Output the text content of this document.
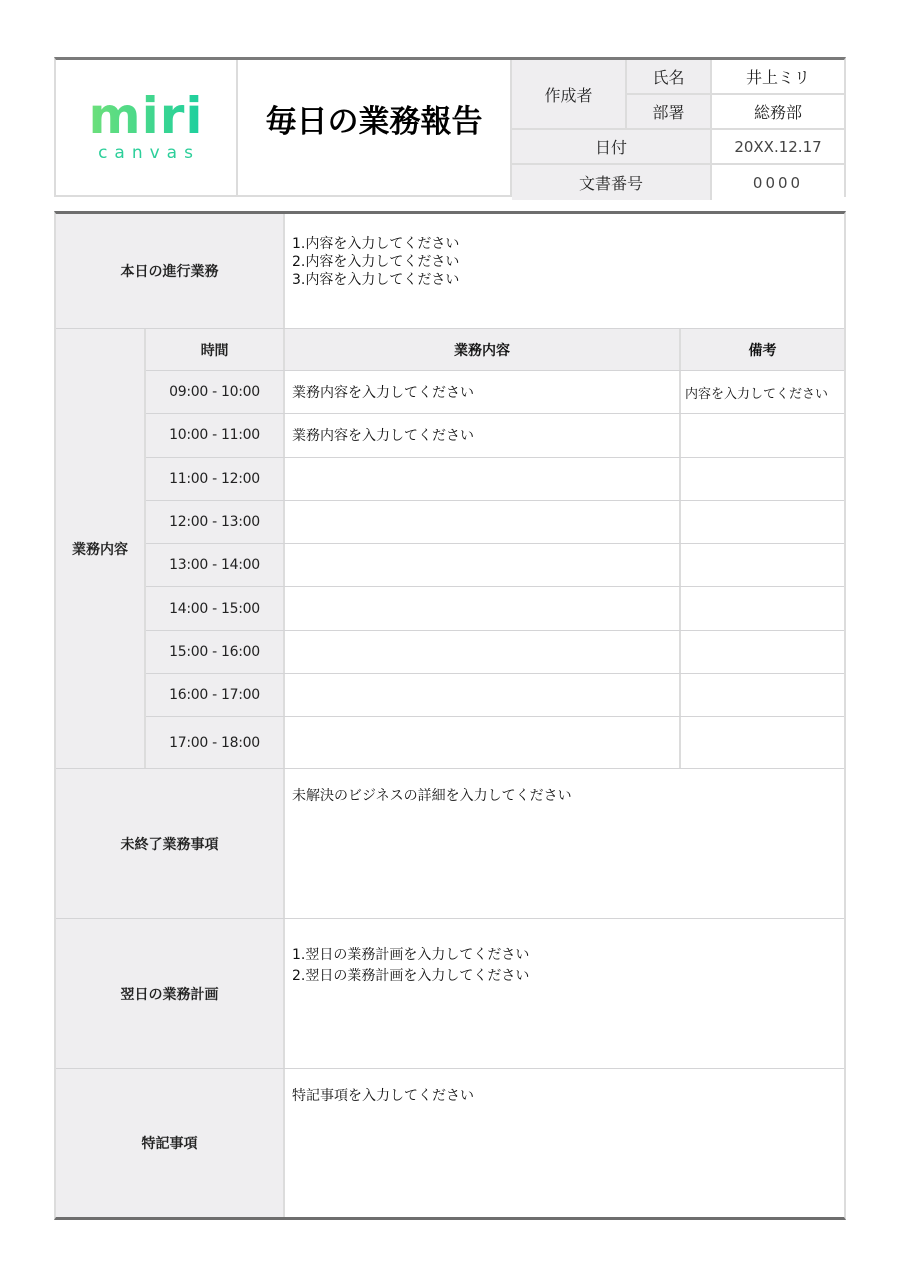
miri
canvas
毎日の業務報告
作成者
氏名	井上ミリ
部署	総務部
日付	20XX.12.17
文書番号	0000
本日の進行業務
1.内容を入力してください
2.内容を入力してください
3.内容を入力してください
業務内容
時間	業務内容	備考
09:00 - 10:00	業務内容を入力してください	内容を入力してください
10:00 - 11:00	業務内容を入力してください
11:00 - 12:00
12:00 - 13:00
13:00 - 14:00
14:00 - 15:00
15:00 - 16:00
16:00 - 17:00
17:00 - 18:00
未終了業務事項
未解決のビジネスの詳細を入力してください
翌日の業務計画
1.翌日の業務計画を入力してください
2.翌日の業務計画を入力してください
特記事項
特記事項を入力してください
